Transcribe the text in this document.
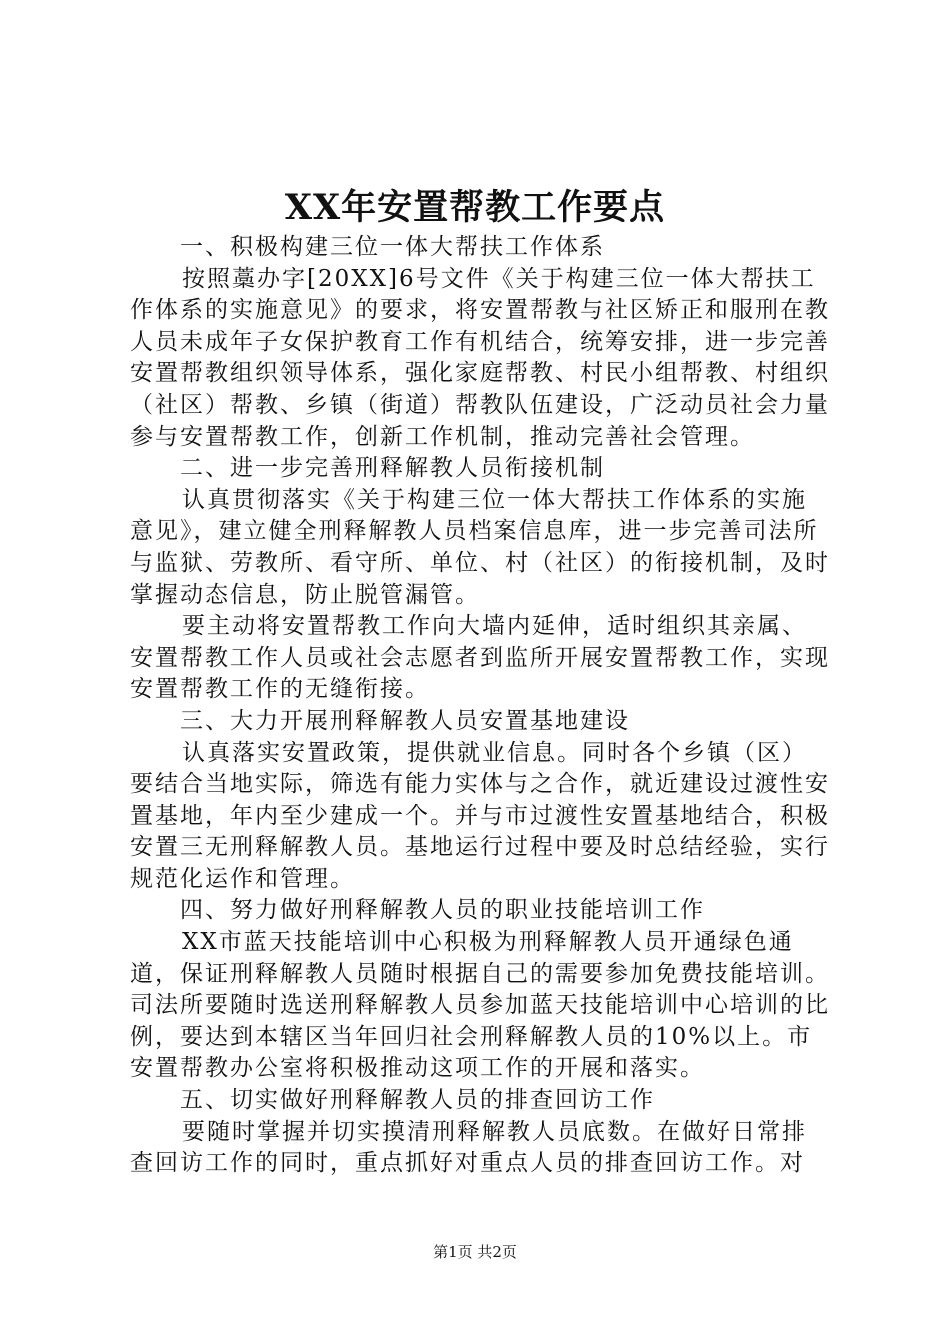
XX年安置帮教工作要点

一、积极构建三位一体大帮扶工作体系

按照藁办字[20XX]6号文件《关于构建三位一体大帮扶工作体系的实施意见》的要求，将安置帮教与社区矫正和服刑在教人员未成年子女保护教育工作有机结合，统筹安排，进一步完善安置帮教组织领导体系，强化家庭帮教、村民小组帮教、村组织（社区）帮教、乡镇（街道）帮教队伍建设，广泛动员社会力量参与安置帮教工作，创新工作机制，推动完善社会管理。

二、进一步完善刑释解教人员衔接机制

认真贯彻落实《关于构建三位一体大帮扶工作体系的实施意见》，建立健全刑释解教人员档案信息库，进一步完善司法所与监狱、劳教所、看守所、单位、村（社区）的衔接机制，及时掌握动态信息，防止脱管漏管。

要主动将安置帮教工作向大墙内延伸，适时组织其亲属、安置帮教工作人员或社会志愿者到监所开展安置帮教工作，实现安置帮教工作的无缝衔接。

三、大力开展刑释解教人员安置基地建设

认真落实安置政策，提供就业信息。同时各个乡镇（区）要结合当地实际，筛选有能力实体与之合作，就近建设过渡性安置基地，年内至少建成一个。并与市过渡性安置基地结合，积极安置三无刑释解教人员。基地运行过程中要及时总结经验，实行规范化运作和管理。

四、努力做好刑释解教人员的职业技能培训工作

XX市蓝天技能培训中心积极为刑释解教人员开通绿色通道，保证刑释解教人员随时根据自己的需要参加免费技能培训。司法所要随时选送刑释解教人员参加蓝天技能培训中心培训的比例，要达到本辖区当年回归社会刑释解教人员的10%以上。市安置帮教办公室将积极推动这项工作的开展和落实。

五、切实做好刑释解教人员的排查回访工作

要随时掌握并切实摸清刑释解教人员底数。在做好日常排查回访工作的同时，重点抓好对重点人员的排查回访工作。对

第1页 共2页
